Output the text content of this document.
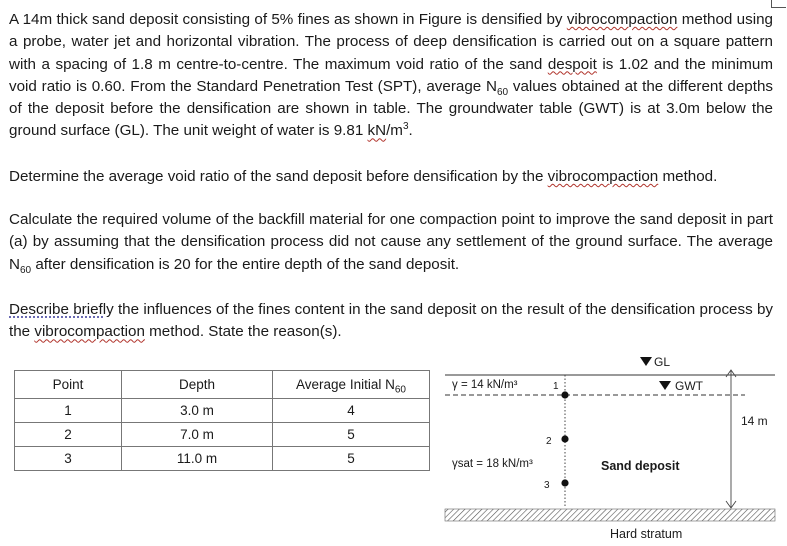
A 14m thick sand deposit consisting of 5% fines as shown in Figure is densified by vibrocompaction method using a probe, water jet and horizontal vibration. The process of deep densification is carried out on a square pattern with a spacing of 1.8 m centre-to-centre. The maximum void ratio of the sand despoit is 1.02 and the minimum void ratio is 0.60. From the Standard Penetration Test (SPT), average $N_{60}$ values obtained at the different depths of the deposit before the densification are shown in table. The groundwater table (GWT) is at 3.0m below the ground surface (GL). The unit weight of water is 9.81 $kN/m^3$.

Determine the average void ratio of the sand deposit before densification by the vibrocompaction method.

Calculate the required volume of the backfill material for one compaction point to improve the sand deposit in part (a) by assuming that the densification process did not cause any settlement of the ground surface. The average $N_{60}$ after densification is 20 for the entire depth of the sand deposit.

Describe briefly the influences of the fines content in the sand deposit on the result of the densification process by the vibrocompaction method. State the reason(s).

Point	Depth	Average Initial $N_{60}$
1	3.0 m	4
2	7.0 m	5
3	11.0 m	5
GL
GWT
γ = 14 kN/m³
γsat = 18 kN/m³
1
2
3
Sand deposit
14 m
Hard stratum
